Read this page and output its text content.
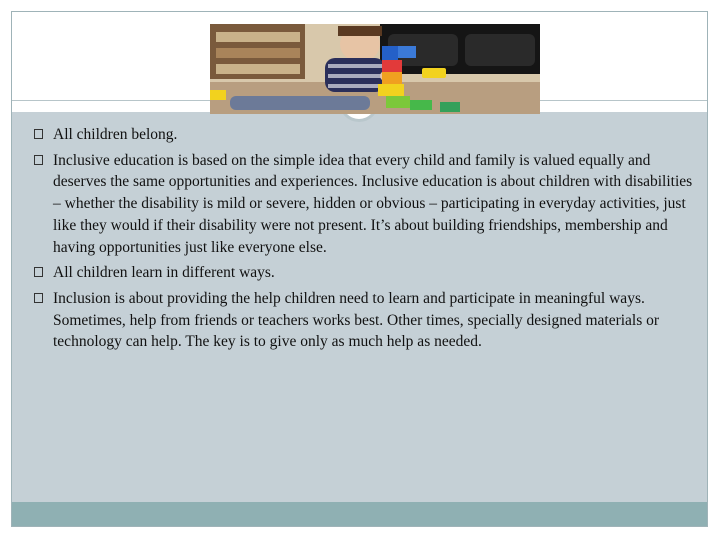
All children belong.
Inclusive education is based on the simple idea that every child and family is valued equally and deserves the same opportunities and experiences. Inclusive education is about children with disabilities – whether the disability is mild or severe, hidden or obvious – participating in everyday activities, just like they would if their disability were not present. It’s about building friendships, membership and having opportunities just like everyone else.
All children learn in different ways.
Inclusion is about providing the help children need to learn and participate in meaningful ways. Sometimes, help from friends or teachers works best. Other times, specially designed materials or technology can help. The key is to give only as much help as needed.
